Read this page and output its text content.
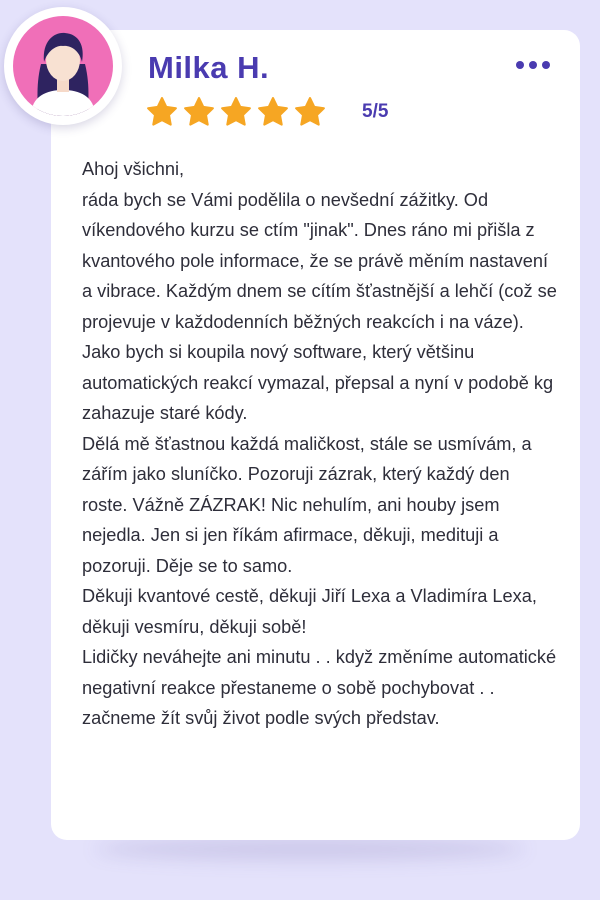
Milka H.
5/5

Ahoj všichni,

ráda bych se Vámi podělila o nevšední zážitky. Od víkendového kurzu se ctím "jinak". Dnes ráno mi přišla z kvantového pole informace, že se právě měním nastavení a vibrace. Každým dnem se cítím šťastnější a lehčí (což se projevuje v každodenních běžných reakcích i na váze). Jako bych si koupila nový software, který většinu automatických reakcí vymazal, přepsal a nyní v podobě kg zahazuje staré kódy.

Dělá mě šťastnou každá maličkost, stále se usmívám, a zářím jako sluníčko. Pozoruji zázrak, který každý den roste. Vážně ZÁZRAK! Nic nehulím, ani houby jsem nejedla. Jen si jen říkám afirmace, děkuji, medituji a pozoruji. Děje se to samo.

Děkuji kvantové cestě, děkuji Jiří Lexa a Vladimíra Lexa, děkuji vesmíru, děkuji sobě!

Lidičky neváhejte ani minutu . . když změníme automatické negativní reakce přestaneme o sobě pochybovat . . začneme žít svůj život podle svých představ.
